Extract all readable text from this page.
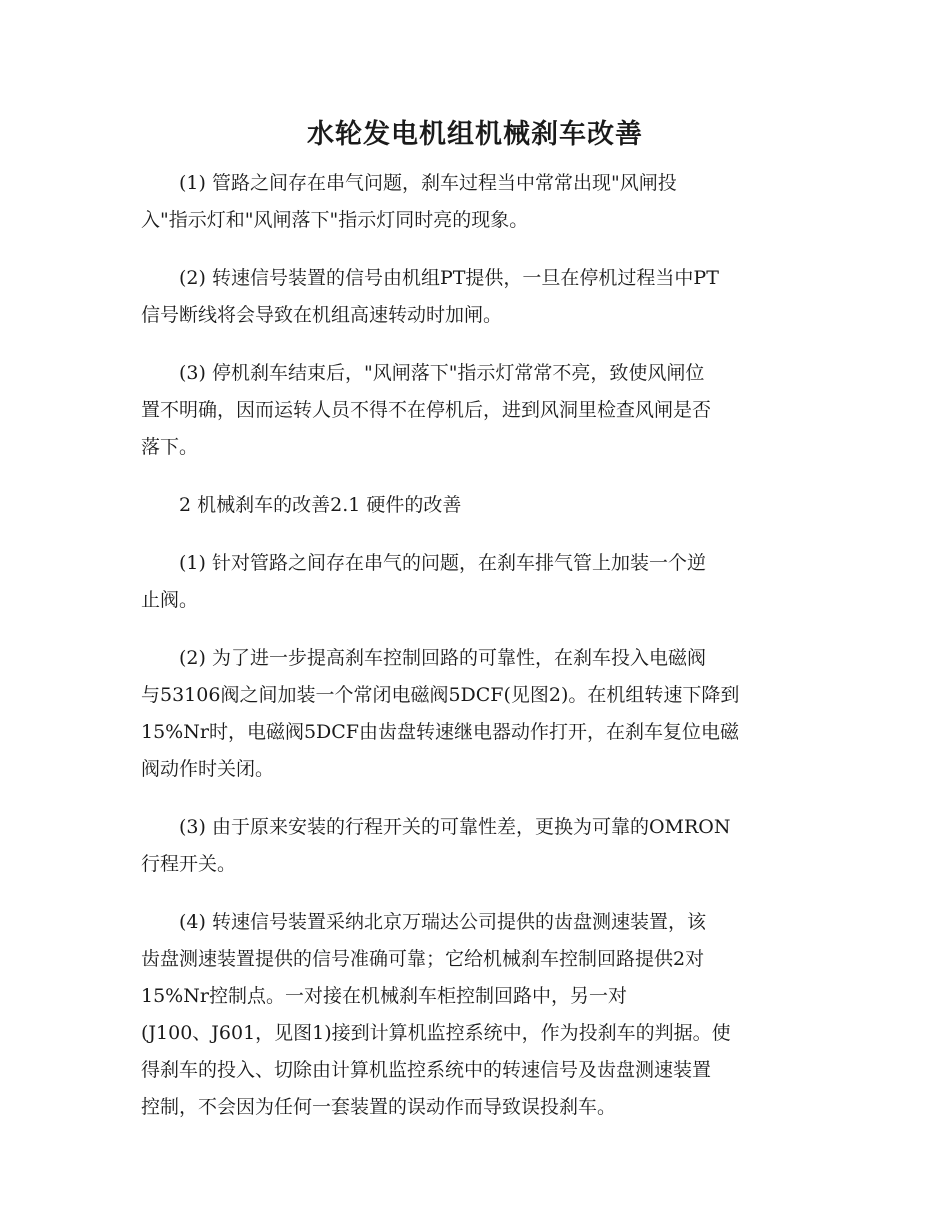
水轮发电机组机械刹车改善
(1) 管路之间存在串气问题，刹车过程当中常常出现"风闸投
入"指示灯和"风闸落下"指示灯同时亮的现象。
(2) 转速信号装置的信号由机组PT提供，一旦在停机过程当中PT
信号断线将会导致在机组高速转动时加闸。
(3) 停机刹车结束后，"风闸落下"指示灯常常不亮，致使风闸位
置不明确，因而运转人员不得不在停机后，进到风洞里检查风闸是否
落下。
2 机械刹车的改善2.1 硬件的改善
(1) 针对管路之间存在串气的问题，在刹车排气管上加装一个逆
止阀。
(2) 为了进一步提高刹车控制回路的可靠性，在刹车投入电磁阀
与53106阀之间加装一个常闭电磁阀5DCF(见图2)。在机组转速下降到
15%Nr时，电磁阀5DCF由齿盘转速继电器动作打开，在刹车复位电磁
阀动作时关闭。
(3) 由于原来安装的行程开关的可靠性差，更换为可靠的OMRON
行程开关。
(4) 转速信号装置采纳北京万瑞达公司提供的齿盘测速装置，该
齿盘测速装置提供的信号准确可靠；它给机械刹车控制回路提供2对
15%Nr控制点。一对接在机械刹车柜控制回路中，另一对
(J100、J601，见图1)接到计算机监控系统中，作为投刹车的判据。使
得刹车的投入、切除由计算机监控系统中的转速信号及齿盘测速装置
控制，不会因为任何一套装置的误动作而导致误投刹车。
